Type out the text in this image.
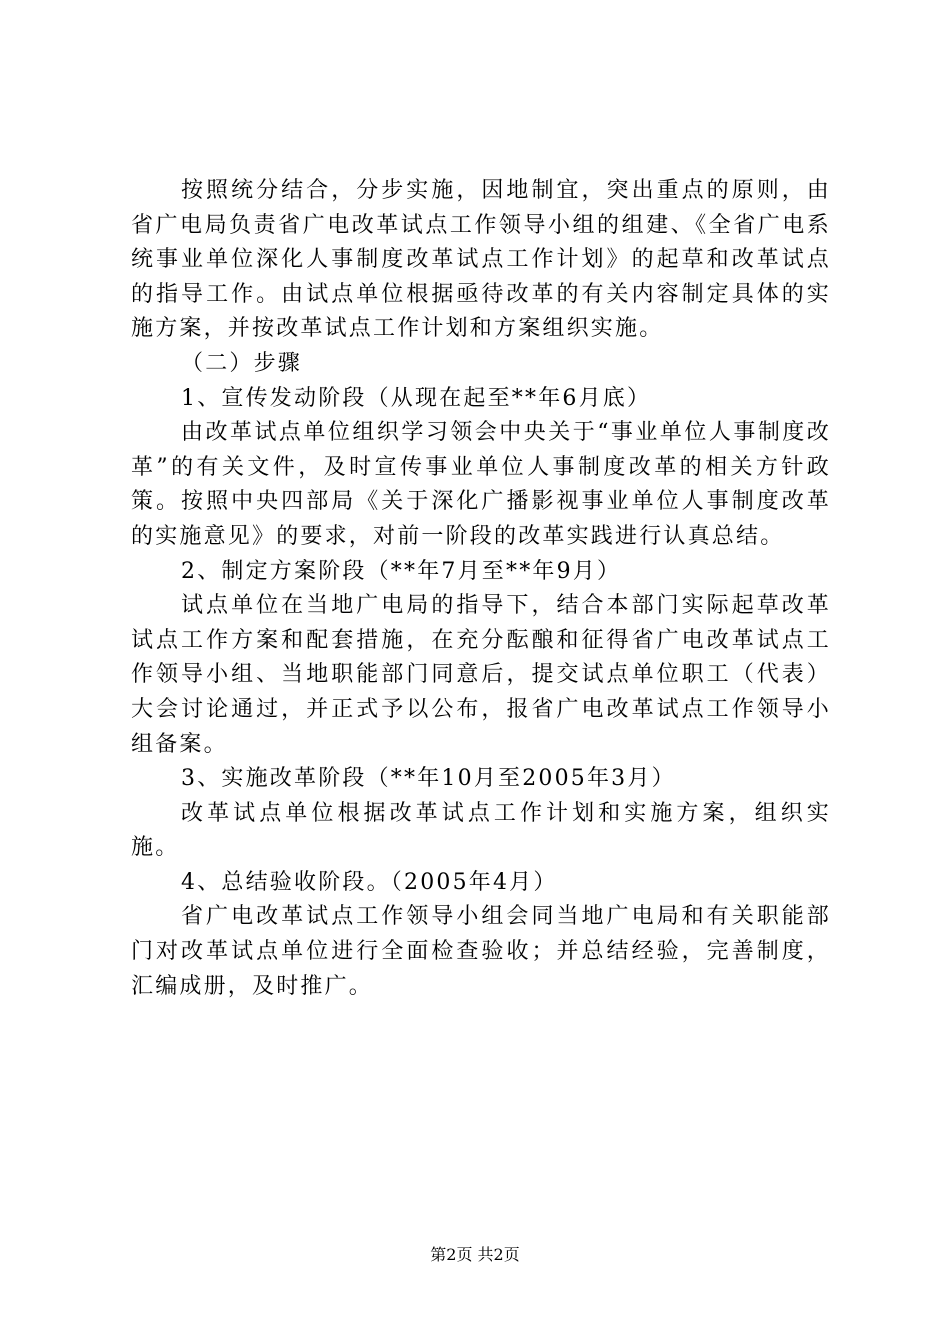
按照统分结合，分步实施，因地制宜，突出重点的原则，由省广电局负责省广电改革试点工作领导小组的组建、《全省广电系统事业单位深化人事制度改革试点工作计划》的起草和改革试点的指导工作。由试点单位根据亟待改革的有关内容制定具体的实施方案，并按改革试点工作计划和方案组织实施。

（二）步骤

1、宣传发动阶段（从现在起至**年6月底）

由改革试点单位组织学习领会中央关于“事业单位人事制度改革”的有关文件，及时宣传事业单位人事制度改革的相关方针政策。按照中央四部局《关于深化广播影视事业单位人事制度改革的实施意见》的要求，对前一阶段的改革实践进行认真总结。

2、制定方案阶段（**年7月至**年9月）

试点单位在当地广电局的指导下，结合本部门实际起草改革试点工作方案和配套措施，在充分酝酿和征得省广电改革试点工作领导小组、当地职能部门同意后，提交试点单位职工（代表）大会讨论通过，并正式予以公布，报省广电改革试点工作领导小组备案。

3、实施改革阶段（**年10月至2005年3月）

改革试点单位根据改革试点工作计划和实施方案，组织实施。

4、总结验收阶段。（2005年4月）

省广电改革试点工作领导小组会同当地广电局和有关职能部门对改革试点单位进行全面检查验收；并总结经验，完善制度，汇编成册，及时推广。

第2页 共2页
